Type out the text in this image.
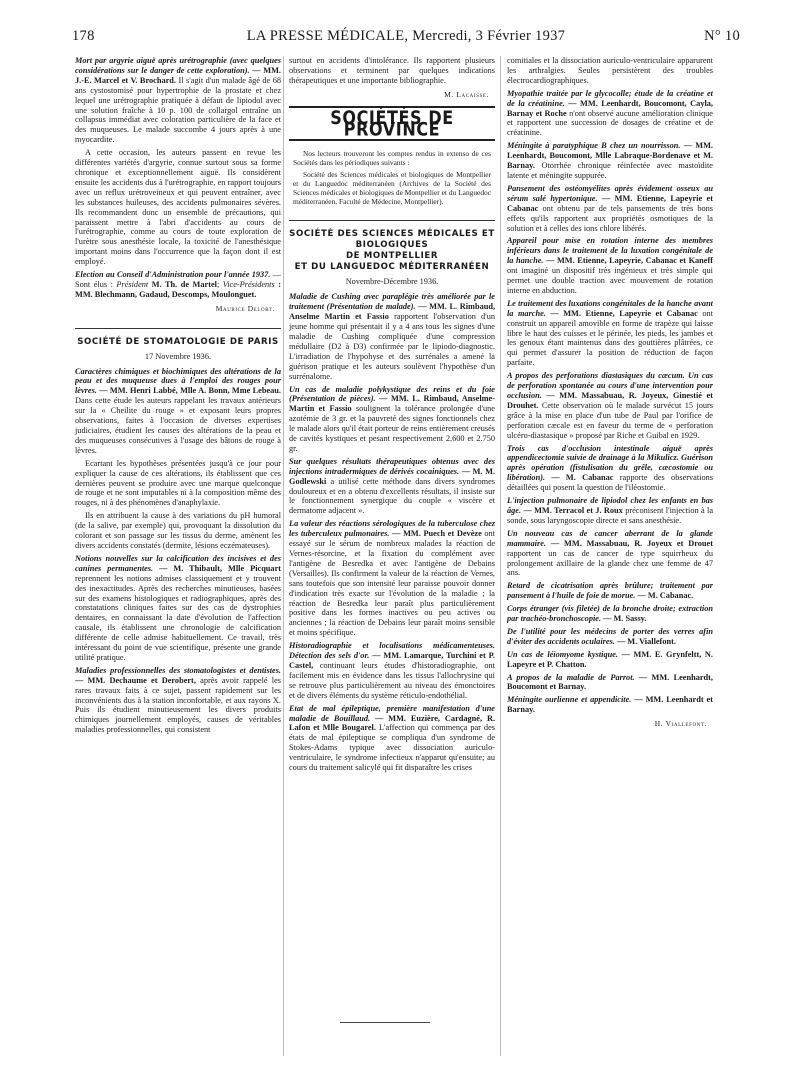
178	LA PRESSE MÉDICALE, Mercredi, 3 Février 1937	N° 10

Mort par argyrie aiguë après urétrographie (avec quelques considérations sur le danger de cette exploration). — MM. J.-E. Marcel et V. Brochard. Il s'agit d'un malade âgé de 68 ans cystostomisé pour hypertrophie de la prostate et chez lequel une urétrographie pratiquée à défaut de lipiodol avec une solution fraîche à 10 p. 100 de collargol entraîne un collapsus immédiat avec coloration particulière de la face et des muqueuses. Le malade succombe 4 jours après à une myocardite.

A cette occasion, les auteurs passent en revue les différentes variétés d'argyrie, connue surtout sous sa forme chronique et exceptionnellement aiguë. Ils considèrent ensuite les accidents dus à l'urétrographie, en rapport toujours avec un reflux urétroveineux et qui peuvent entraîner, avec les substances huileuses, des accidents pulmonaires sévères. Ils recommandent donc un ensemble de précautions, qui paraissent mettre à l'abri d'accidents au cours de l'urétrographie, comme au cours de toute exploration de l'urètre sous anesthésie locale, la toxicité de l'anesthésique important moins dans l'occurrence que la façon dont il est employé.

Election au Conseil d'Administration pour l'année 1937. — Sont élus : Président M. Th. de Martel; Vice-Présidents : MM. Blechmann, Gadaud, Descomps, Moulonguet.

Maurice Delort.
SOCIÉTÉ DE STOMATOLOGIE DE PARIS
17 Novembre 1936.

Caractères chimiques et biochimiques des altérations de la peau et des muqueuse dues à l'emploi des rouges pour lèvres. — MM. Henri Labbé, Mlle A. Bonn, Mme Lebeau. Dans cette étude les auteurs rappelant les travaux antérieurs sur la « Cheilite du rouge » et exposant leurs propres observations, faites à l'occasion de diverses expertises judiciaires, étudient les causes des altérations de la peau et des muqueuses consécutives à l'usage des bâtons de rouge à lèvres.

Ecartant les hypothèses présentées jusqu'à ce jour pour expliquer la cause de ces altérations, ils établissent que ces dernières peuvent se produire avec une marque quelconque de rouge et ne sont imputables ni à la composition même des rouges, ni à des phénomènes d'anaphylaxie.

Ils en attribuent la cause à des variations du pH humoral (de la salive, par exemple) qui, provoquant la dissolution du colorant et son passage sur les tissus du derme, amènent les divers accidents constatés (dermite, lésions eczémateuses).

Notions nouvelles sur la calcification des incisives et des canines permanentes. — M. Thibault, Mlle Picquart reprennent les notions admises classiquement et y trouvent des inexactitudes. Après des recherches minutieuses, basées sur des examens histologiques et radiographiques, après des constatations cliniques faites sur des cas de dystrophies dentaires, en connaissant la date d'évolution de l'affection causale, ils établissent une chronologie de calcification différente de celle admise habituellement. Ce travail, très intéressant du point de vue scientifique, présente une grande utilité pratique.

Maladies professionnelles des stomatologistes et dentistes. — MM. Dechaume et Derobert, après avoir rappelé les rares travaux faits à ce sujet, passent rapidement sur les inconvénients dus à la station inconfortable, et aux rayons X. Puis ils étudient minutieusement les divers produits chimiques journellement employés, causes de véritables maladies professionnelles, qui consistent

surtout en accidents d'intolérance. Ils rapportent plusieurs observations et terminent par quelques indications thérapeutiques et une importante bibliographie.

M. Lacaisse.
SOCIÉTÉS DE PROVINCE

Nos lecteurs trouveront les comptes rendus in extenso de ces Sociétés dans les périodiques suivants :

Société des Sciences médicales et biologiques de Montpellier et du Languedoc méditerranéen (Archives de la Société des Sciences médicales et biologiques de Montpellier et du Languedoc méditerranéen, Faculté de Médecine, Montpellier).

SOCIÉTÉ DES SCIENCES MÉDICALES ET BIOLOGIQUES
DE MONTPELLIER
ET DU LANGUEDOC MÉDITERRANÉEN
Novembre-Décembre 1936.

Maladie de Cushing avec paraplégie très améliorée par le traitement (Présentation de malade). — MM. L. Rimbaud, Anselme Martin et Fassio rapportent l'observation d'un jeune homme qui présentait il y a 4 ans tous les signes d'une maladie de Cushing compliquée d'une compression médullaire (D2 à D3) confirmée par le lipiodo-diagnostic. L'irradiation de l'hypohyse et des surrénales a amené la guérison pratique et les auteurs soulèvent l'hypothèse d'un surrénalome.

Un cas de maladie polykystique des reins et du foie (Présentation de pièces). — MM. L. Rimbaud, Anselme-Martin et Fassio soulignent la tolérance prolongée d'une azotémie de 3 gr. et la pauvreté des signes fonctionnels chez le malade alors qu'il était porteur de reins entièrement creusés de cavités kystiques et pesant respectivement 2.600 et 2.750 gr.

Sur quelques résultats thérapeutiques obtenus avec des injections intradermiques de dérivés cocainiques. — M. M. Godlewski a utilisé cette méthode dans divers syndromes douloureux et en a obtenu d'excellents résultats, il insiste sur le fonctionnement synergique du couple « viscère et dermatome adjacent ».

La valeur des réactions sérologiques de la tuberculose chez les tuberculeux pulmonaires. — MM. Puech et Devèze ont essayé sur le sérum de nombreux malades la réaction de Vernes-résorcine, et la fixation du complément avec l'antigène de Besredka et avec l'antigène de Debains (Versailles). Ils confirment la valeur de la réaction de Vernes, sans toutefois que son intensité leur paraisse pouvoir donner d'indication très exacte sur l'évolution de la maladie ; la réaction de Besredka leur paraît plus particulièrement positive dans les formes inactives ou peu actives ou anciennes ; la réaction de Debains leur paraît moins sensible et moins spécifique.

Historadiographie et localisations médicamenteuses. Détection des sels d'or. — MM. Lamarque, Turchini et P. Castel, continuant leurs études d'historadiographie, ont facilement mis en évidence dans les tissus l'allochrysine qui se retrouve plus particulièrement au niveau des émonctoires et de divers éléments du système réticulo-endothélial.

Etat de mal épileptique, première manifestation d'une maladie de Bouillaud. — MM. Euzière, Cardagné, R. Lafon et Mlle Bougarel. L'affection qui commença par des états de mal épileptique se compliqua d'un syndrome de Stokes-Adams typique avec dissociation auriculo-ventriculaire, le syndrome infectieux n'apparut qu'ensuite; au cours du traitement salicylé qui fit disparaître les crises

comitiales et la dissociation auriculo-ventriculaire apparurent les arthralgies. Seules persistèrent des troubles électrocardiographiques.

Myopathie traitée par le glycocolle; étude de la créatine et de la créatinine. — MM. Leenhardt, Boucomont, Cayla, Barnay et Roche n'ont observé aucune amélioration clinique et rapportent une succession de dosages de créatine et de créatinine.

Méningite à paratyphique B chez un nourrisson. — MM. Leenhardt, Boucomont, Mlle Labraque-Bordenave et M. Barnay. Otorrhée chronique réinfectée avec mastoïdite latente et méningite suppurée.

Pansement des ostéomyélites après évidement osseux au sérum salé hypertonique. — MM. Etienne, Lapeyrie et Cabanac ont obtenu par de tels pansements de très bons effets qu'ils rapportent aux propriétés osmotiques de la solution et à celles des ions chlore libérés.

Appareil pour mise en rotation interne des membres inférieurs dans le traitement de la luxation congénitale de la hanche. — MM. Etienne, Lapeyrie, Cabanac et Kaneff ont imaginé un dispositif très ingénieux et très simple qui permet une double traction avec mouvement de rotation interne en abduction.

Le traitement des luxations congénitales de la hanche avant la marche. — MM. Etienne, Lapeyrie et Cabanac ont construit un appareil amovible en forme de trapèze qui laisse libre le haut des cuisses et le périnée, les pieds, les jambes et les genoux étant maintenus dans des gouttières plâtrées, ce qui permet d'assurer la position de réduction de façon parfaite.

A propos des perforations diastasiques du cæcum. Un cas de perforation spontanée au cours d'une intervention pour occlusion. — MM. Massabuau, R. Joyeux, Ginestié et Drouhet. Cette observation où le malade survécut 15 jours grâce à la mise en place d'un tube de Paul par l'orifice de perforation cæcale est en faveur du terme de « perforation ulcéro-diastasique » proposé par Riche et Guibal en 1929.

Trois cas d'occlusion intestinale aiguë après appendicectomie suivie de drainage à la Mikulicz. Guérison après opération (fistulisation du grêle, cæcostomie ou libération). — M. Cabanac rapporte des observations détaillées qui posent la question de l'iléostomie.

L'injection pulmonaire de lipiodol chez les enfants en bas âge. — MM. Terracol et J. Roux préconisent l'injection à la sonde, sous laryngoscopie directe et sans anesthésie.

Un nouveau cas de cancer aberrant de la glande mammaire. — MM. Massabuau, R. Joyeux et Drouet rapportent un cas de cancer de type squirrheux du prolongement axillaire de la glande chez une femme de 47 ans.

Retard de cicatrisation après brûlure; traitement par pansement à l'huile de foie de morue. — M. Cabanac.

Corps étranger (vis filetée) de la bronche droite; extraction par trachéo-bronchoscopie. — M. Sassy.

De l'utilité pour les médecins de porter des verres afin d'éviter des accidents oculaires. — M. Viallefont.

Un cas de léiomyome kystique. — MM. E. Grynfeltt, N. Lapeyre et P. Chatton.

A propos de la maladie de Parrot. — MM. Leenhardt, Boucomont et Barnay.

Méningite ourlienne et appendicite. — MM. Leenhardt et Barnay.

H. Viallefont.
